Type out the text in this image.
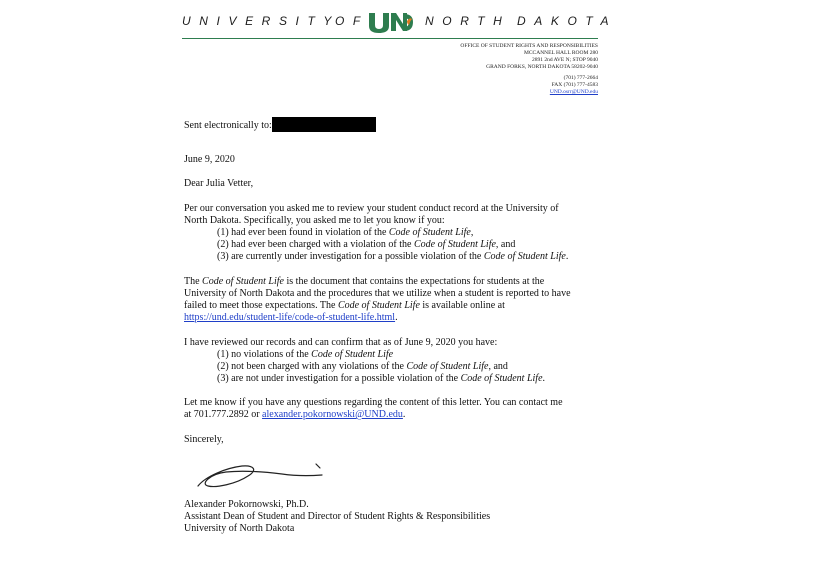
UNIVERSITY
OF	NORTH DAKOTA
OFFICE OF STUDENT RIGHTS AND RESPONSIBILITIES
MCCANNEL HALL ROOM 280
2891 2nd AVE N; STOP 9040
GRAND FORKS, NORTH DAKOTA 58202-9040
(701) 777-2664
FAX (701) 777-4583
UND.osrr@UND.edu
Sent electronically to:
June 9, 2020
Dear Julia Vetter,
Per our conversation you asked me to review your student conduct record at the University of
North Dakota. Specifically, you asked me to let you know if you:
(1) had ever been found in violation of the Code of Student Life,
(2) had ever been charged with a violation of the Code of Student Life, and
(3) are currently under investigation for a possible violation of the Code of Student Life.
The Code of Student Life is the document that contains the expectations for students at the
University of North Dakota and the procedures that we utilize when a student is reported to have
failed to meet those expectations. The Code of Student Life is available online at
https://und.edu/student-life/code-of-student-life.html.
I have reviewed our records and can confirm that as of June 9, 2020 you have:
(1) no violations of the Code of Student Life
(2) not been charged with any violations of the Code of Student Life, and
(3) are not under investigation for a possible violation of the Code of Student Life.
Let me know if you have any questions regarding the content of this letter. You can contact me
at 701.777.2892 or alexander.pokornowski@UND.edu.
Sincerely,
Alexander Pokornowski, Ph.D.
Assistant Dean of Student and Director of Student Rights & Responsibilities
University of North Dakota
